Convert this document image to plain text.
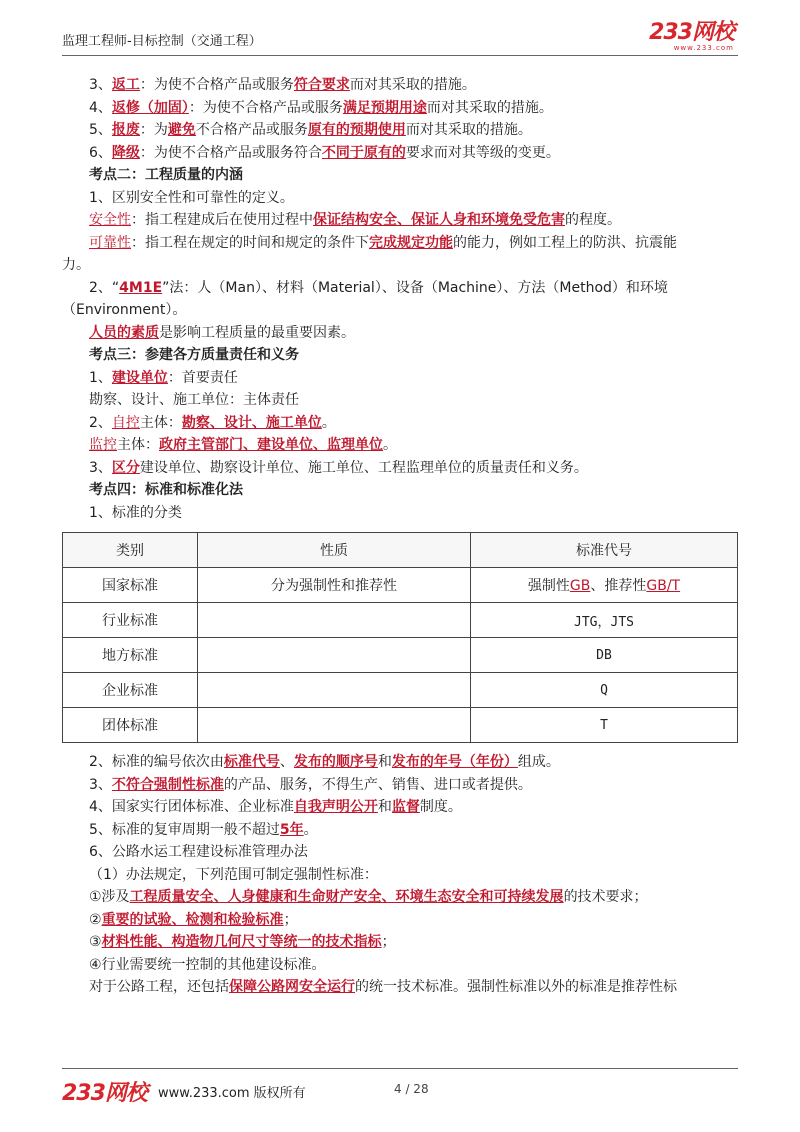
监理工程师-目标控制（交通工程）	233网校
www.233.com
3、返工：为使不合格产品或服务符合要求而对其采取的措施。
4、返修（加固）：为使不合格产品或服务满足预期用途而对其采取的措施。
5、报废：为避免不合格产品或服务原有的预期使用而对其采取的措施。
6、降级：为使不合格产品或服务符合不同于原有的要求而对其等级的变更。
考点二：工程质量的内涵
1、区别安全性和可靠性的定义。
安全性：指工程建成后在使用过程中保证结构安全、保证人身和环境免受危害的程度。
可靠性：指工程在规定的时间和规定的条件下完成规定功能的能力，例如工程上的防洪、抗震能
力。
2、“4M1E”法：人（Man）、材料（Material）、设备（Machine）、方法（Method）和环境
（Environment）。
人员的素质是影响工程质量的最重要因素。
考点三：参建各方质量责任和义务
1、建设单位：首要责任
勘察、设计、施工单位：主体责任
2、自控主体：勘察、设计、施工单位。
监控主体：政府主管部门、建设单位、监理单位。
3、区分建设单位、勘察设计单位、施工单位、工程监理单位的质量责任和义务。
考点四：标准和标准化法
1、标准的分类
类别	性质	标准代号
国家标准	分为强制性和推荐性	强制性GB、推荐性GB/T
行业标准		JTG，JTS
地方标准		DB
企业标准		Q
团体标准		T
2、标准的编号依次由标准代号、发布的顺序号和发布的年号（年份）组成。
3、不符合强制性标准的产品、服务，不得生产、销售、进口或者提供。
4、国家实行团体标准、企业标准自我声明公开和监督制度。
5、标准的复审周期一般不超过5年。
6、公路水运工程建设标准管理办法
（1）办法规定，下列范围可制定强制性标准：
①涉及工程质量安全、人身健康和生命财产安全、环境生态安全和可持续发展的技术要求；
②重要的试验、检测和检验标准；
③材料性能、构造物几何尺寸等统一的技术指标；
④行业需要统一控制的其他建设标准。
对于公路工程，还包括保障公路网安全运行的统一技术标准。强制性标准以外的标准是推荐性标
233网校 www.233.com 版权所有	4 / 28
